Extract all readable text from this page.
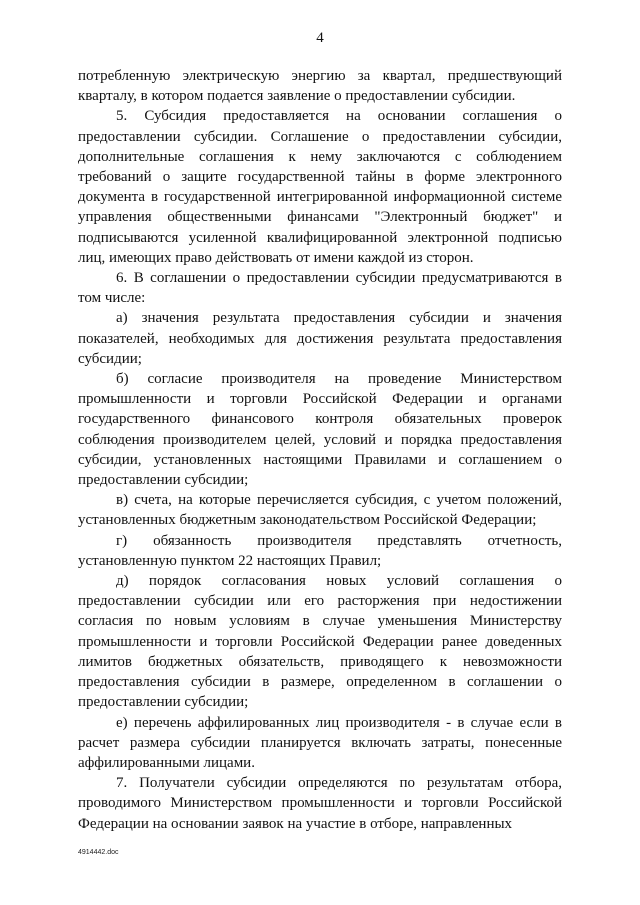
4

потребленную электрическую энергию за квартал, предшествующий кварталу, в котором подается заявление о предоставлении субсидии.

5. Субсидия предоставляется на основании соглашения о предоставлении субсидии. Соглашение о предоставлении субсидии, дополнительные соглашения к нему заключаются с соблюдением требований о защите государственной тайны в форме электронного документа в государственной интегрированной информационной системе управления общественными финансами "Электронный бюджет" и подписываются усиленной квалифицированной электронной подписью лиц, имеющих право действовать от имени каждой из сторон.

6. В соглашении о предоставлении субсидии предусматриваются в том числе:

а) значения результата предоставления субсидии и значения показателей, необходимых для достижения результата предоставления субсидии;

б) согласие производителя на проведение Министерством промышленности и торговли Российской Федерации и органами государственного финансового контроля обязательных проверок соблюдения производителем целей, условий и порядка предоставления субсидии, установленных настоящими Правилами и соглашением о предоставлении субсидии;

в) счета, на которые перечисляется субсидия, с учетом положений, установленных бюджетным законодательством Российской Федерации;

г) обязанность производителя представлять отчетность, установленную пунктом 22 настоящих Правил;

д) порядок согласования новых условий соглашения о предоставлении субсидии или его расторжения при недостижении согласия по новым условиям в случае уменьшения Министерству промышленности и торговли Российской Федерации ранее доведенных лимитов бюджетных обязательств, приводящего к невозможности предоставления субсидии в размере, определенном в соглашении о предоставлении субсидии;

е) перечень аффилированных лиц производителя - в случае если в расчет размера субсидии планируется включать затраты, понесенные аффилированными лицами.

7. Получатели субсидии определяются по результатам отбора, проводимого Министерством промышленности и торговли Российской Федерации на основании заявок на участие в отборе, направленных

4914442.doc
